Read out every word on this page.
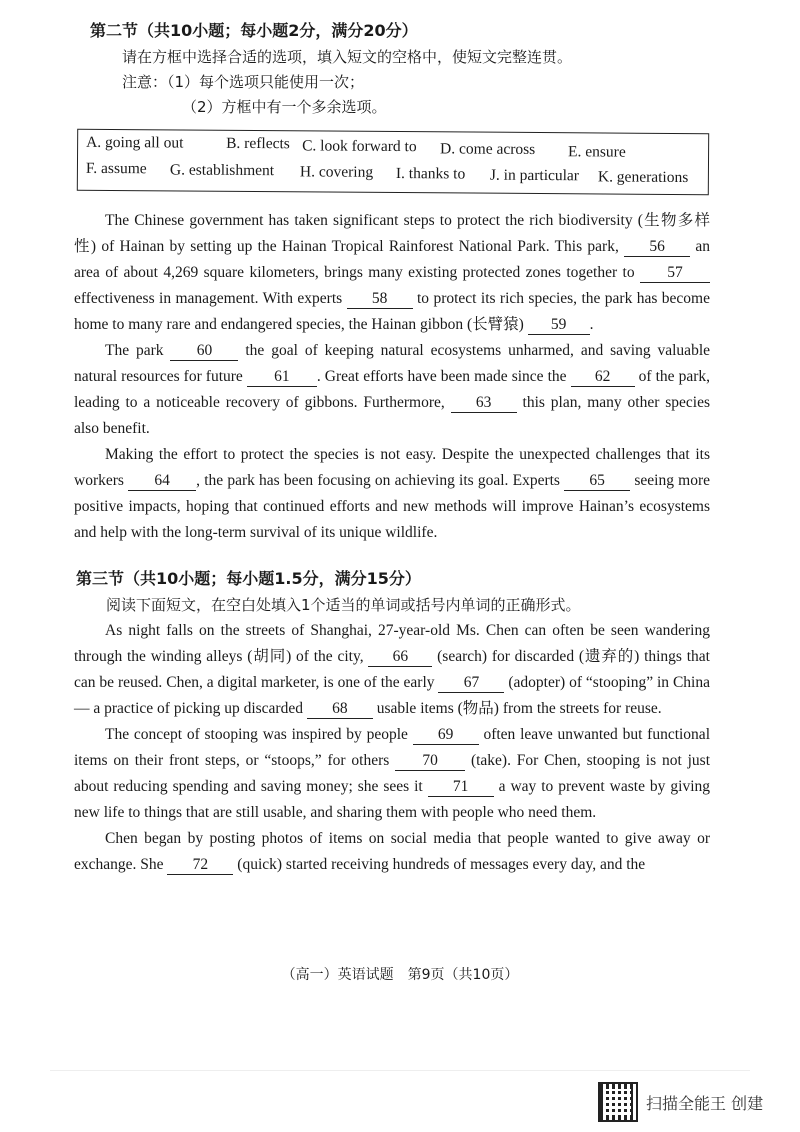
第二节（共10小题；每小题2分，满分20分）
请在方框中选择合适的选项，填入短文的空格中，使短文完整连贯。
注意：（1）每个选项只能使用一次；
（2）方框中有一个多余选项。
A. going all out	B. reflects C. look forward to D. come across E. ensure
F. assume G. establishment H. covering I. thanks to J. in particular K. generations

The Chinese government has taken significant steps to protect the rich biodiversity (生物多样性) of Hainan by setting up the Hainan Tropical Rainforest National Park. This park, 56 an area of about 4,269 square kilometers, brings many existing protected zones together to 57 effectiveness in management. With experts 58 to protect its rich species, the park has become home to many rare and endangered species, the Hainan gibbon (长臂猿) 59 .

The park 60 the goal of keeping natural ecosystems unharmed, and saving valuable natural resources for future 61 . Great efforts have been made since the 62 of the park, leading to a noticeable recovery of gibbons. Furthermore, 63 this plan, many other species also benefit.

Making the effort to protect the species is not easy. Despite the unexpected challenges that its workers 64 , the park has been focusing on achieving its goal. Experts 65 seeing more positive impacts, hoping that continued efforts and new methods will improve Hainan’s ecosystems and help with the long-term survival of its unique wildlife.

第三节（共10小题；每小题1.5分，满分15分）
阅读下面短文，在空白处填入1个适当的单词或括号内单词的正确形式。

As night falls on the streets of Shanghai, 27-year-old Ms. Chen can often be seen wandering through the winding alleys (胡同) of the city, 66 (search) for discarded (遗弃的) things that can be reused. Chen, a digital marketer, is one of the early 67 (adopter) of “stooping” in China — a practice of picking up discarded 68 usable items (物品) from the streets for reuse.

The concept of stooping was inspired by people 69 often leave unwanted but functional items on their front steps, or “stoops,” for others 70 (take). For Chen, stooping is not just about reducing spending and saving money; she sees it 71 a way to prevent waste by giving new life to things that are still usable, and sharing them with people who need them.

Chen began by posting photos of items on social media that people wanted to give away or exchange. She 72 (quick) started receiving hundreds of messages every day, and the

（高一）英语试题　第9页（共10页）
扫描全能王 创建
